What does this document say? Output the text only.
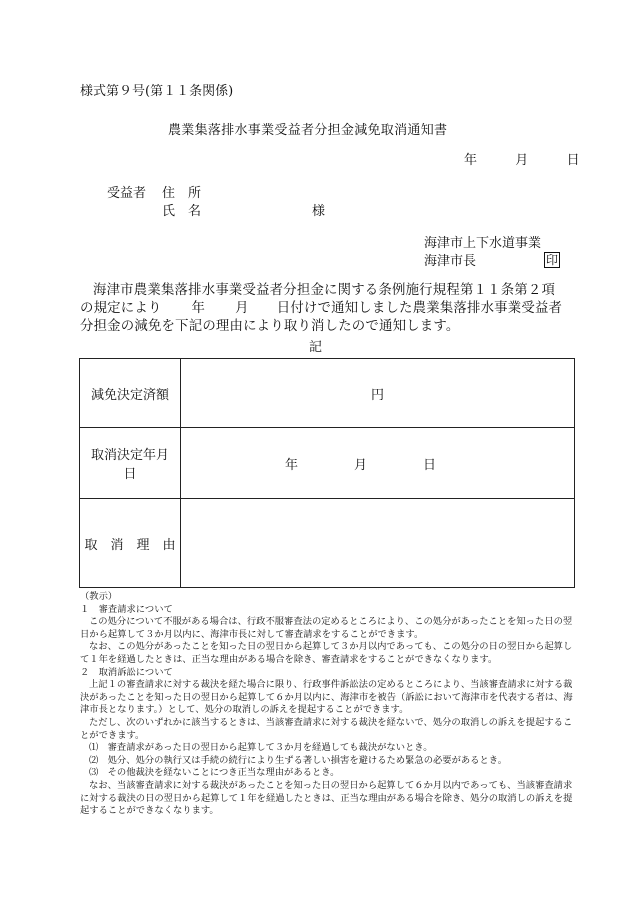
様式第９号(第１１条関係)
農業集落排水事業受益者分担金減免取消通知書
年	月	日
受益者 住　所
氏　名	様
海津市上下水道事業
海津市長	印
海津市農業集落排水事業受益者分担金に関する条例施行規程第１１条第２項
の規定により 年 月 日付けで通知しました農業集落排水事業受益者
分担金の減免を下記の理由により取り消したので通知します。
記
減免決定済額	円

取消決定年月
日	年 月 日
取　消　理　由	
（教示）
１　審査請求について
この処分について不服がある場合は、行政不服審査法の定めるところにより、この処分があったことを知った日の翌日から起算して３か月以内に、海津市長に対して審査請求をすることができます。
なお、この処分があったことを知った日の翌日から起算して３か月以内であっても、この処分の日の翌日から起算して１年を経過したときは、正当な理由がある場合を除き、審査請求をすることができなくなります。
２　取消訴訟について
上記１の審査請求に対する裁決を経た場合に限り、行政事件訴訟法の定めるところにより、当該審査請求に対する裁決があったことを知った日の翌日から起算して６か月以内に、海津市を被告（訴訟において海津市を代表する者は、海津市長となります。）として、処分の取消しの訴えを提起することができます。
ただし、次のいずれかに該当するときは、当該審査請求に対する裁決を経ないで、処分の取消しの訴えを提起することができます。
⑴　審査請求があった日の翌日から起算して３か月を経過しても裁決がないとき。
⑵　処分、処分の執行又は手続の続行により生ずる著しい損害を避けるため緊急の必要があるとき。
⑶　その他裁決を経ないことにつき正当な理由があるとき。
なお、当該審査請求に対する裁決があったことを知った日の翌日から起算して６か月以内であっても、当該審査請求に対する裁決の日の翌日から起算して１年を経過したときは、正当な理由がある場合を除き、処分の取消しの訴えを提起することができなくなります。
